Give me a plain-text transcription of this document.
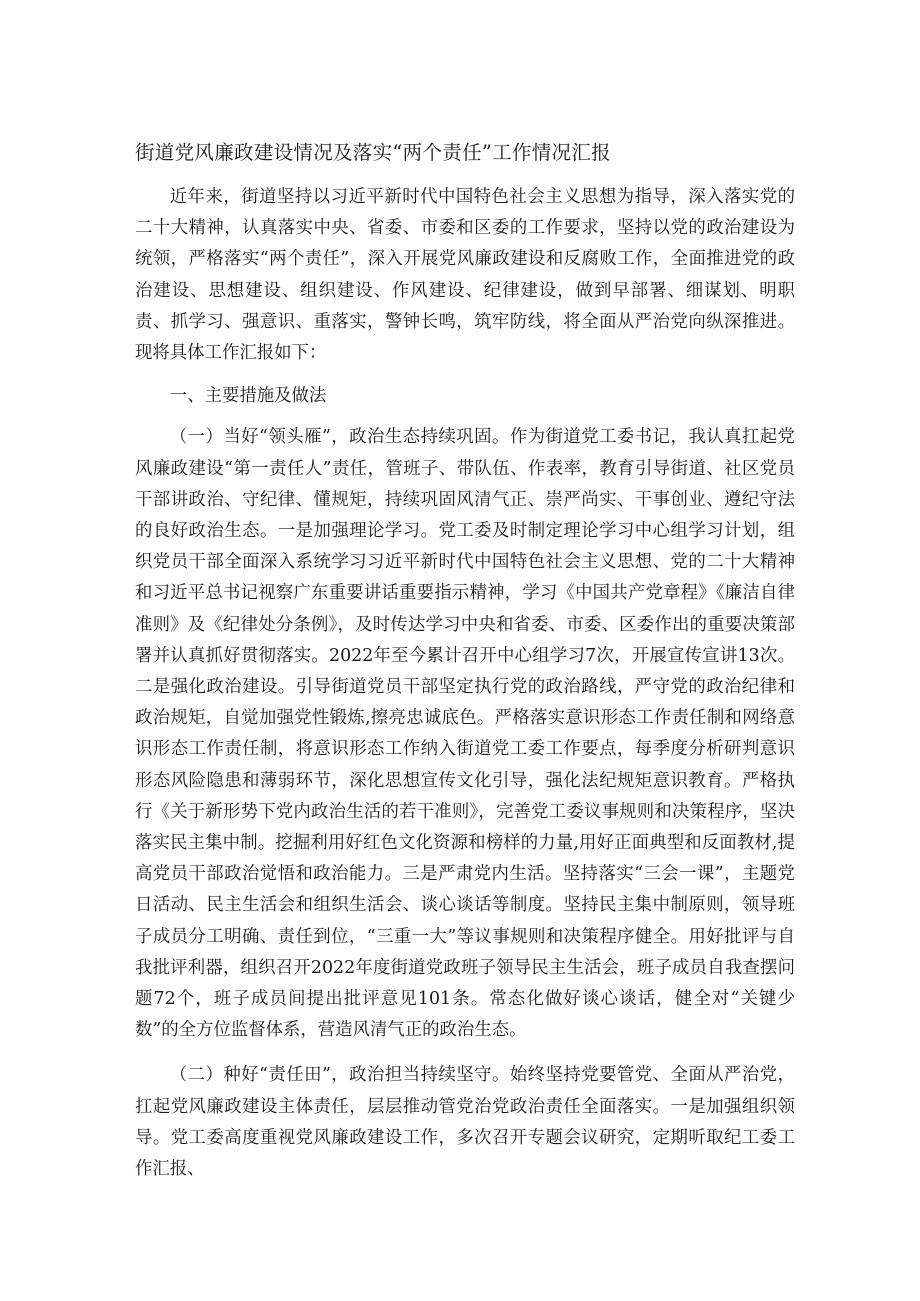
街道党风廉政建设情况及落实“两个责任”工作情况汇报

近年来，街道坚持以习近平新时代中国特色社会主义思想为指导，深入落实党的二十大精神，认真落实中央、省委、市委和区委的工作要求，坚持以党的政治建设为统领，严格落实“两个责任”，深入开展党风廉政建设和反腐败工作，全面推进党的政治建设、思想建设、组织建设、作风建设、纪律建设，做到早部署、细谋划、明职责、抓学习、强意识、重落实，警钟长鸣，筑牢防线，将全面从严治党向纵深推进。现将具体工作汇报如下：

一、主要措施及做法

（一）当好“领头雁”，政治生态持续巩固。作为街道党工委书记，我认真扛起党风廉政建设“第一责任人”责任，管班子、带队伍、作表率，教育引导街道、社区党员干部讲政治、守纪律、懂规矩，持续巩固风清气正、崇严尚实、干事创业、遵纪守法的良好政治生态。一是加强理论学习。党工委及时制定理论学习中心组学习计划，组织党员干部全面深入系统学习习近平新时代中国特色社会主义思想、党的二十大精神和习近平总书记视察广东重要讲话重要指示精神，学习《中国共产党章程》《廉洁自律准则》及《纪律处分条例》，及时传达学习中央和省委、市委、区委作出的重要决策部署并认真抓好贯彻落实。2022年至今累计召开中心组学习7次，开展宣传宣讲13次。二是强化政治建设。引导街道党员干部坚定执行党的政治路线，严守党的政治纪律和政治规矩，自觉加强党性锻炼,擦亮忠诚底色。严格落实意识形态工作责任制和网络意识形态工作责任制，将意识形态工作纳入街道党工委工作要点，每季度分析研判意识形态风险隐患和薄弱环节，深化思想宣传文化引导，强化法纪规矩意识教育。严格执行《关于新形势下党内政治生活的若干准则》，完善党工委议事规则和决策程序，坚决落实民主集中制。挖掘利用好红色文化资源和榜样的力量,用好正面典型和反面教材,提高党员干部政治觉悟和政治能力。三是严肃党内生活。坚持落实“三会一课”，主题党日活动、民主生活会和组织生活会、谈心谈话等制度。坚持民主集中制原则，领导班子成员分工明确、责任到位，“三重一大”等议事规则和决策程序健全。用好批评与自我批评利器，组织召开2022年度街道党政班子领导民主生活会，班子成员自我查摆问题72个，班子成员间提出批评意见101条。常态化做好谈心谈话，健全对“关键少数”的全方位监督体系，营造风清气正的政治生态。

（二）种好“责任田”，政治担当持续坚守。始终坚持党要管党、全面从严治党，扛起党风廉政建设主体责任，层层推动管党治党政治责任全面落实。一是加强组织领导。党工委高度重视党风廉政建设工作，多次召开专题会议研究，定期听取纪工委工作汇报、
